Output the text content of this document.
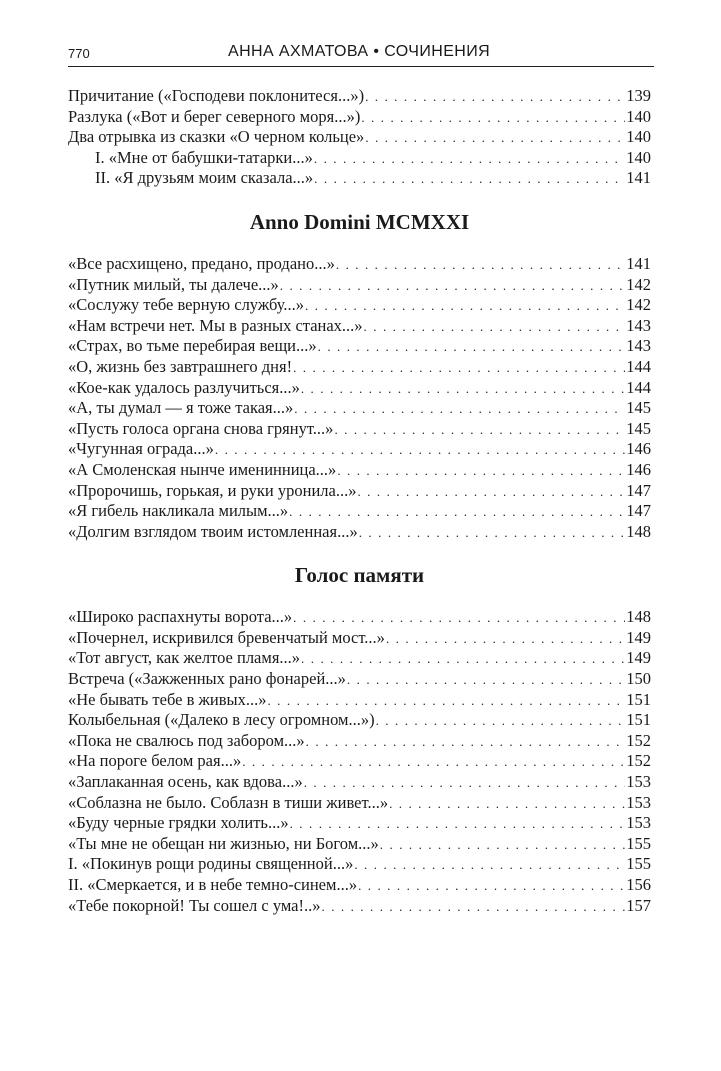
770	АННА АХМАТОВА • СОЧИНЕНИЯ
Причитание («Господеви поклонитеся...») . . .	139
Разлука («Вот и берег северного моря...») . . .	140
Два отрывка из сказки «О черном кольце» . . .	140
I. «Мне от бабушки-татарки...» . . .	140
II. «Я друзьям моим сказала...» . . .	141
Anno Domini MCMXXI
«Все расхищено, предано, продано...» . . .	141
«Путник милый, ты далече...» . . .	142
«Сослужу тебе верную службу...» . . .	142
«Нам встречи нет. Мы в разных станах...» . . .	143
«Страх, во тьме перебирая вещи...» . . .	143
«О, жизнь без завтрашнего дня! . . .	144
«Кое-как удалось разлучиться...» . . .	144
«А, ты думал — я тоже такая...» . . .	145
«Пусть голоса органа снова грянут...» . . .	145
«Чугунная ограда...» . . .	146
«А Смоленская нынче именинница...» . . .	146
«Пророчишь, горькая, и руки уронила...» . . .	147
«Я гибель накликала милым...» . . .	147
«Долгим взглядом твоим истомленная...» . . .	148
Голос памяти
«Широко распахнуты ворота...» . . .	148
«Почернел, искривился бревенчатый мост...» . . .	149
«Тот август, как желтое пламя...» . . .	149
Встреча («Зажженных рано фонарей...» . . .	150
«Не бывать тебе в живых...» . . .	151
Колыбельная («Далеко в лесу огромном...») . . .	151
«Пока не свалюсь под забором...» . . .	152
«На пороге белом рая...» . . .	152
«Заплаканная осень, как вдова...» . . .	153
«Соблазна не было. Соблазн в тиши живет...» . . .	153
«Буду черные грядки холить...» . . .	153
«Ты мне не обещан ни жизнью, ни Богом...» . . .	155
I. «Покинув рощи родины священной...» . . .	155
II. «Смеркается, и в небе темно-синем...» . . .	156
«Тебе покорной! Ты сошел с ума!..» . . .	157
